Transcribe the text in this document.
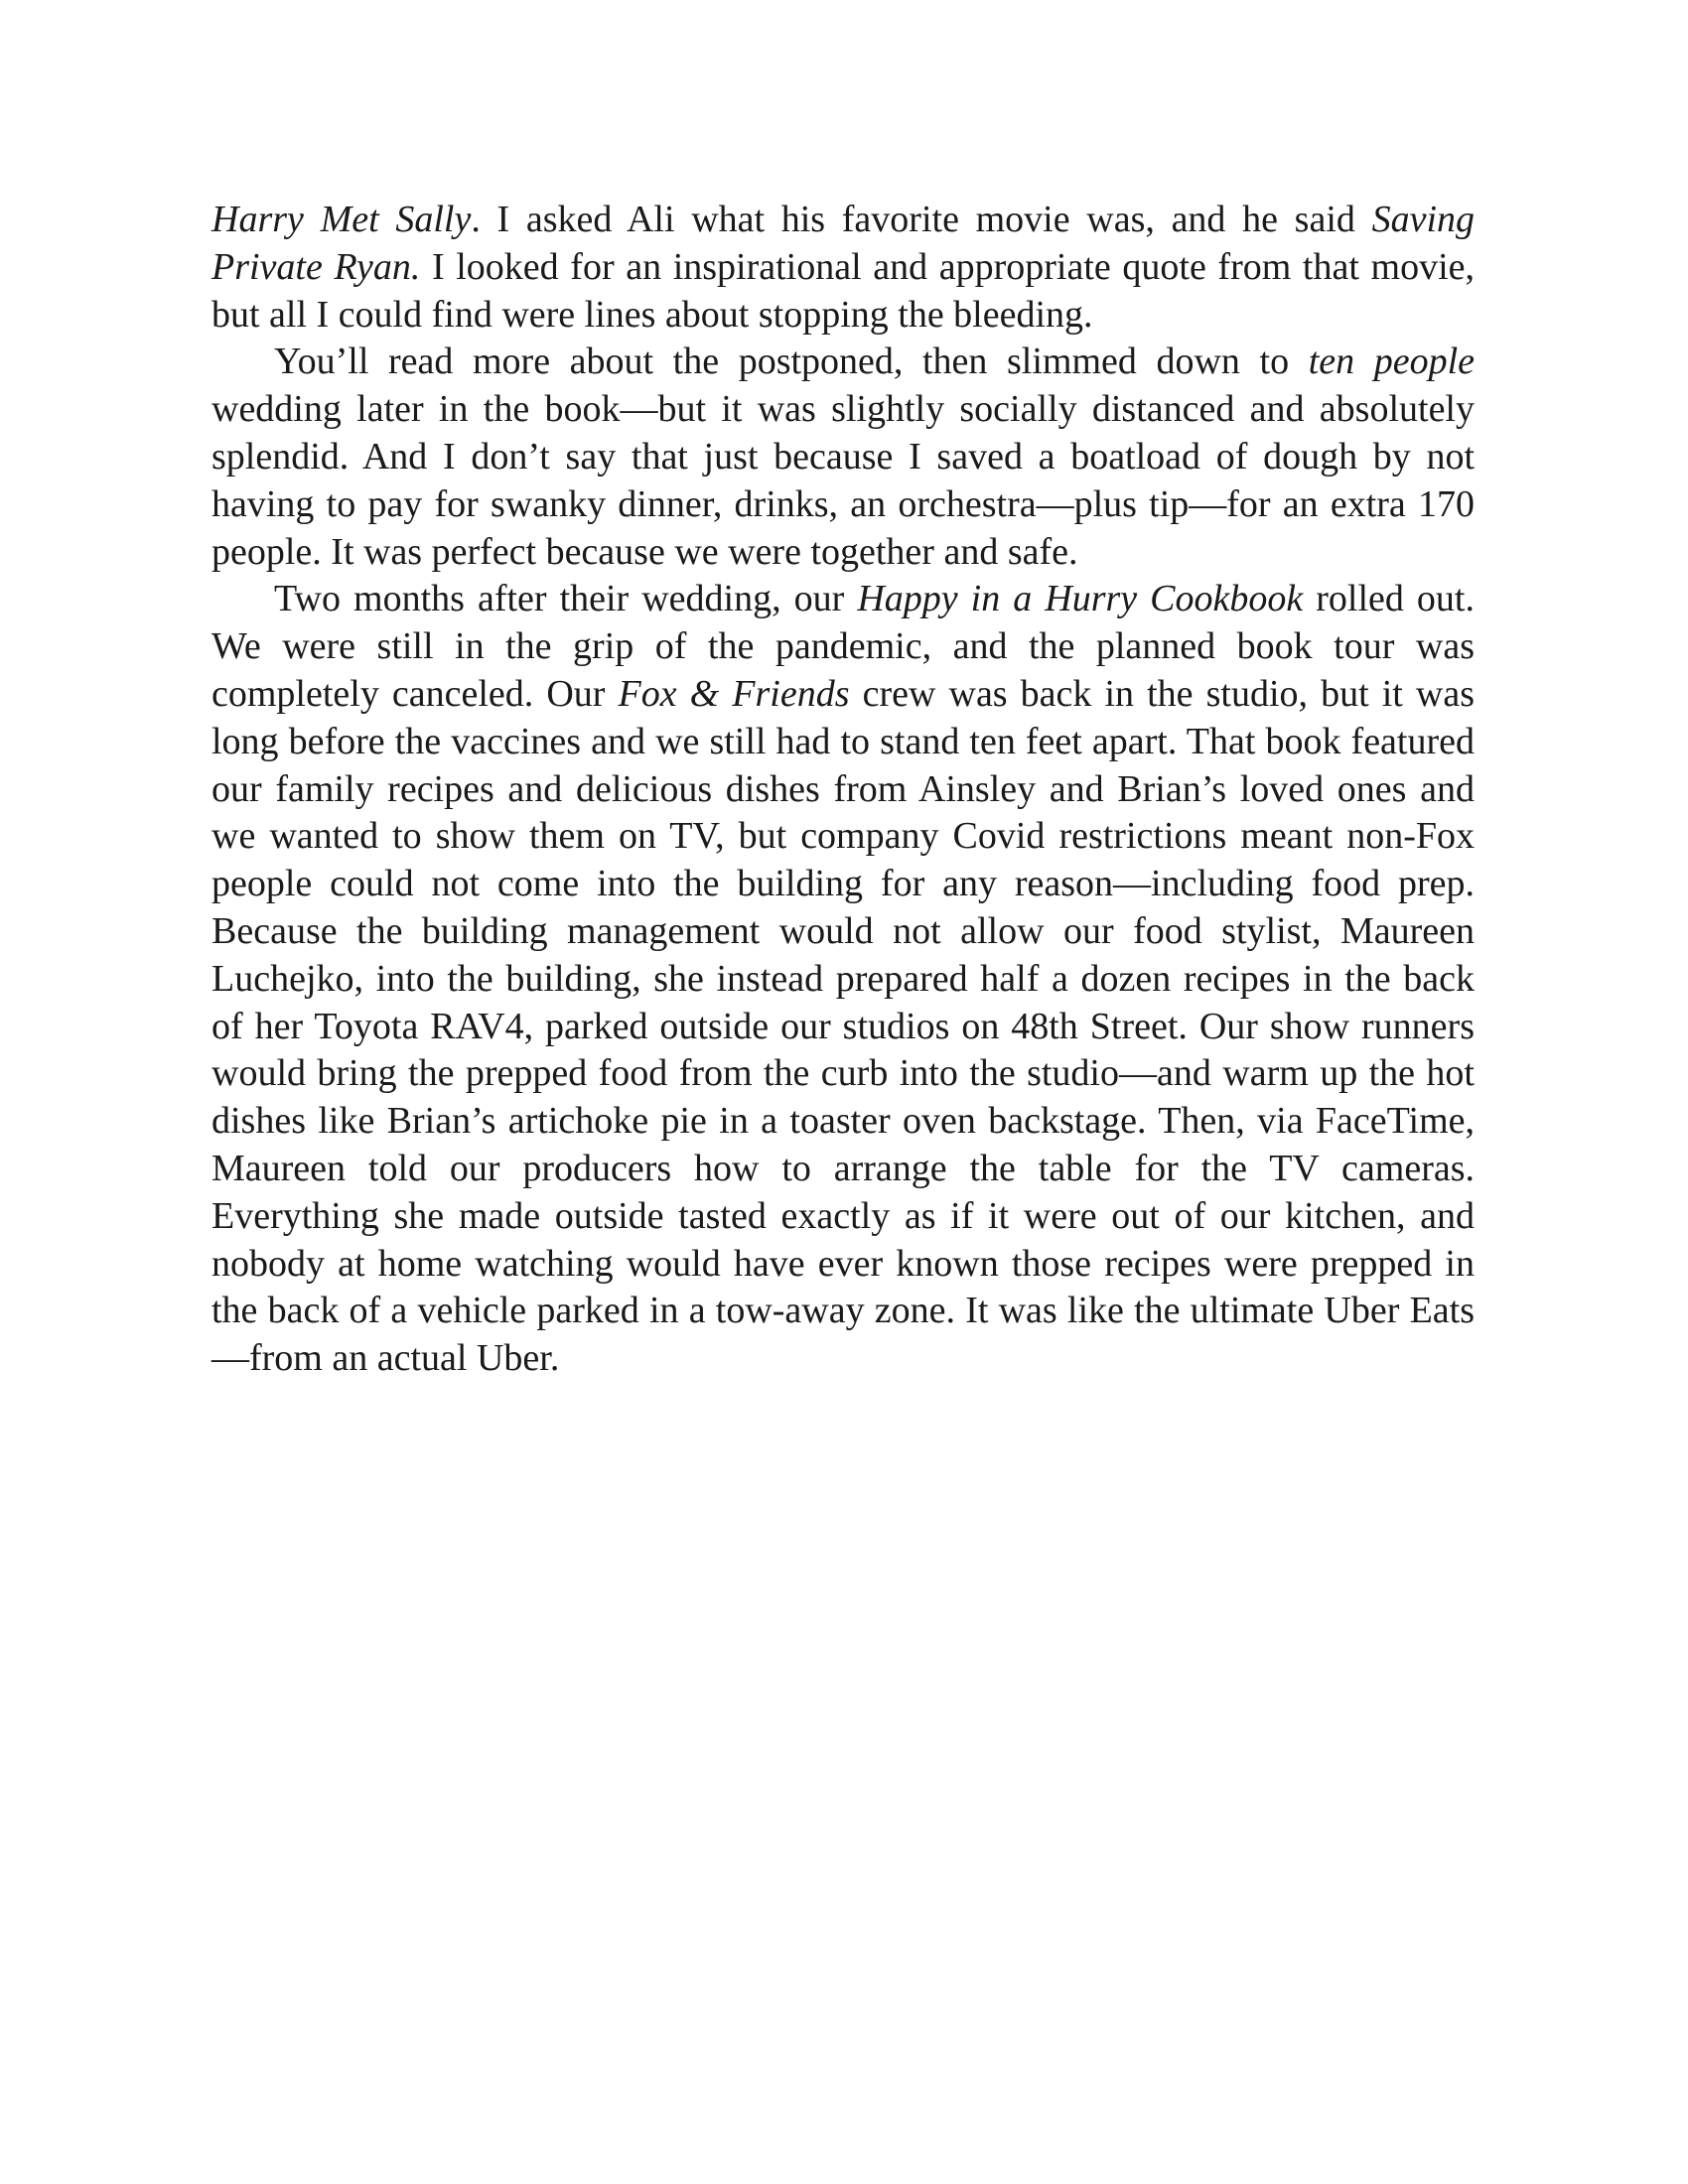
Harry Met Sally. I asked Ali what his favorite movie was, and he said Saving Private Ryan. I looked for an inspirational and appropriate quote from that movie, but all I could find were lines about stopping the bleeding.

You’ll read more about the postponed, then slimmed down to ten people wedding later in the book—but it was slightly socially distanced and absolutely splendid. And I don’t say that just because I saved a boatload of dough by not having to pay for swanky dinner, drinks, an orchestra—plus tip—for an extra 170 people. It was perfect because we were together and safe.

Two months after their wedding, our Happy in a Hurry Cookbook rolled out. We were still in the grip of the pandemic, and the planned book tour was completely canceled. Our Fox & Friends crew was back in the studio, but it was long before the vaccines and we still had to stand ten feet apart. That book featured our family recipes and delicious dishes from Ainsley and Brian’s loved ones and we wanted to show them on TV, but company Covid restrictions meant non-Fox people could not come into the building for any reason—including food prep. Because the building management would not allow our food stylist, Maureen Luchejko, into the building, she instead prepared half a dozen recipes in the back of her Toyota RAV4, parked outside our studios on 48th Street. Our show runners would bring the prepped food from the curb into the studio—and warm up the hot dishes like Brian’s artichoke pie in a toaster oven backstage. Then, via FaceTime, Maureen told our producers how to arrange the table for the TV cameras. Everything she made outside tasted exactly as if it were out of our kitchen, and nobody at home watching would have ever known those recipes were prepped in the back of a vehicle parked in a tow-away zone. It was like the ultimate Uber Eats—from an actual Uber.
